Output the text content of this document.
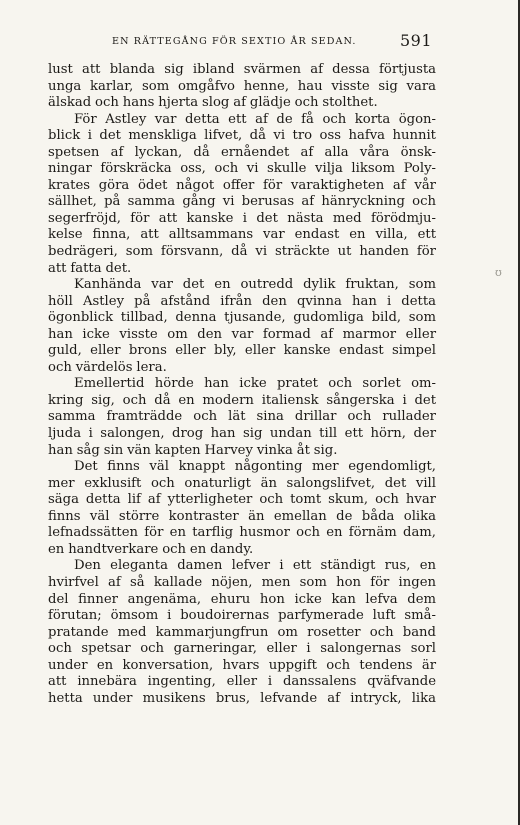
EN RÄTTEGÅNG FÖR SEXTIO ÅR SEDAN.	591
lust att blanda sig ibland svärmen af dessa förtjusta
unga karlar, som omgåfvo henne, hau visste sig vara
älskad och hans hjerta slog af glädje och stolthet.
För Astley var detta ett af de få och korta ögon-
blick i det menskliga lifvet, då vi tro oss hafva hunnit
spetsen af lyckan, då ernåendet af alla våra önsk-
ningar förskräcka oss, och vi skulle vilja liksom Poly-
krates göra ödet något offer för varaktigheten af vår
sällhet, på samma gång vi berusas af hänryckning och
segerfröjd, för att kanske i det nästa med förödmju-
kelse finna, att alltsammans var endast en villa, ett
bedrägeri, som försvann, då vi sträckte ut handen för
att fatta det.
Kanhända var det en outredd dylik fruktan, som
höll Astley på afstånd ifrån den qvinna han i detta
ögonblick tillbad, denna tjusande, gudomliga bild, som
han icke visste om den var formad af marmor eller
guld, eller brons eller bly, eller kanske endast simpel
och värdelös lera.
Emellertid hörde han icke pratet och sorlet om-
kring sig, och då en modern italiensk sångerska i det
samma framträdde och lät sina drillar och rullader
ljuda i salongen, drog han sig undan till ett hörn, der
han såg sin vän kapten Harvey vinka åt sig.
Det finns väl knappt någonting mer egendomligt,
mer exklusift och onaturligt än salongslifvet, det vill
säga detta lif af ytterligheter och tomt skum, och hvar
finns väl större kontraster än emellan de båda olika
lefnadssätten för en tarflig husmor och en förnäm dam,
en handtverkare och en dandy.
Den eleganta damen lefver i ett ständigt rus, en
hvirfvel af så kallade nöjen, men som hon för ingen
del finner angenäma, ehuru hon icke kan lefva dem
förutan; ömsom i boudoirernas parfymerade luft små-
pratande med kammarjungfrun om rosetter och band
och spetsar och garneringar, eller i salongernas sorl
under en konversation, hvars uppgift och tendens är
att innebära ingenting, eller i danssalens qväfvande
hetta under musikens brus, lefvande af intryck, lika
ʊ
